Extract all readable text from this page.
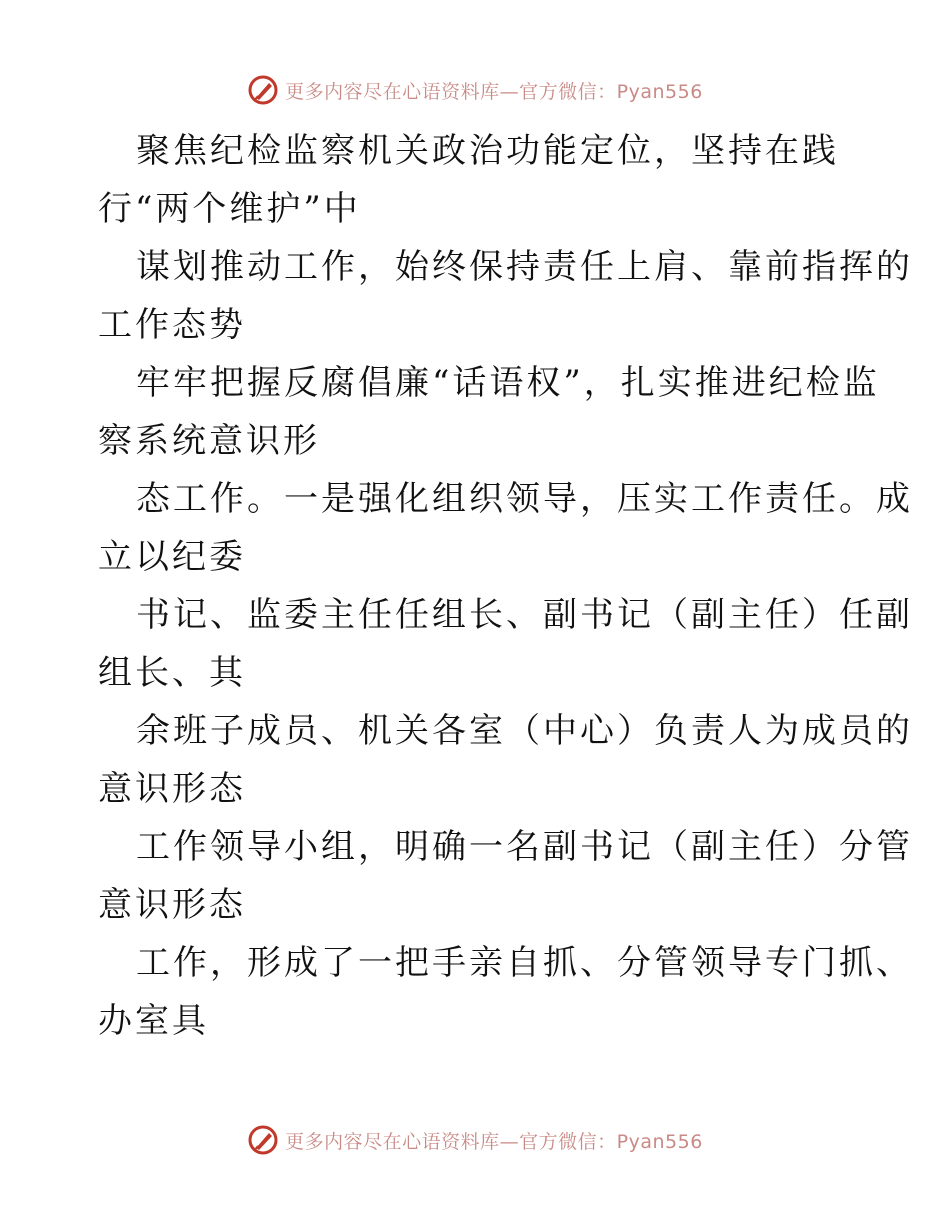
更多内容尽在心语资料库—官方微信：Pyan556

聚焦纪检监察机关政治功能定位，坚持在践
行“两个维护”中

谋划推动工作，始终保持责任上肩、靠前指挥的
工作态势

牢牢把握反腐倡廉“话语权”，扎实推进纪检监
察系统意识形

态工作。一是强化组织领导，压实工作责任。成
立以纪委

书记、监委主任任组长、副书记（副主任）任副
组长、其

余班子成员、机关各室（中心）负责人为成员的
意识形态

工作领导小组，明确一名副书记（副主任）分管
意识形态

工作，形成了一把手亲自抓、分管领导专门抓、
办室具

更多内容尽在心语资料库—官方微信：Pyan556
